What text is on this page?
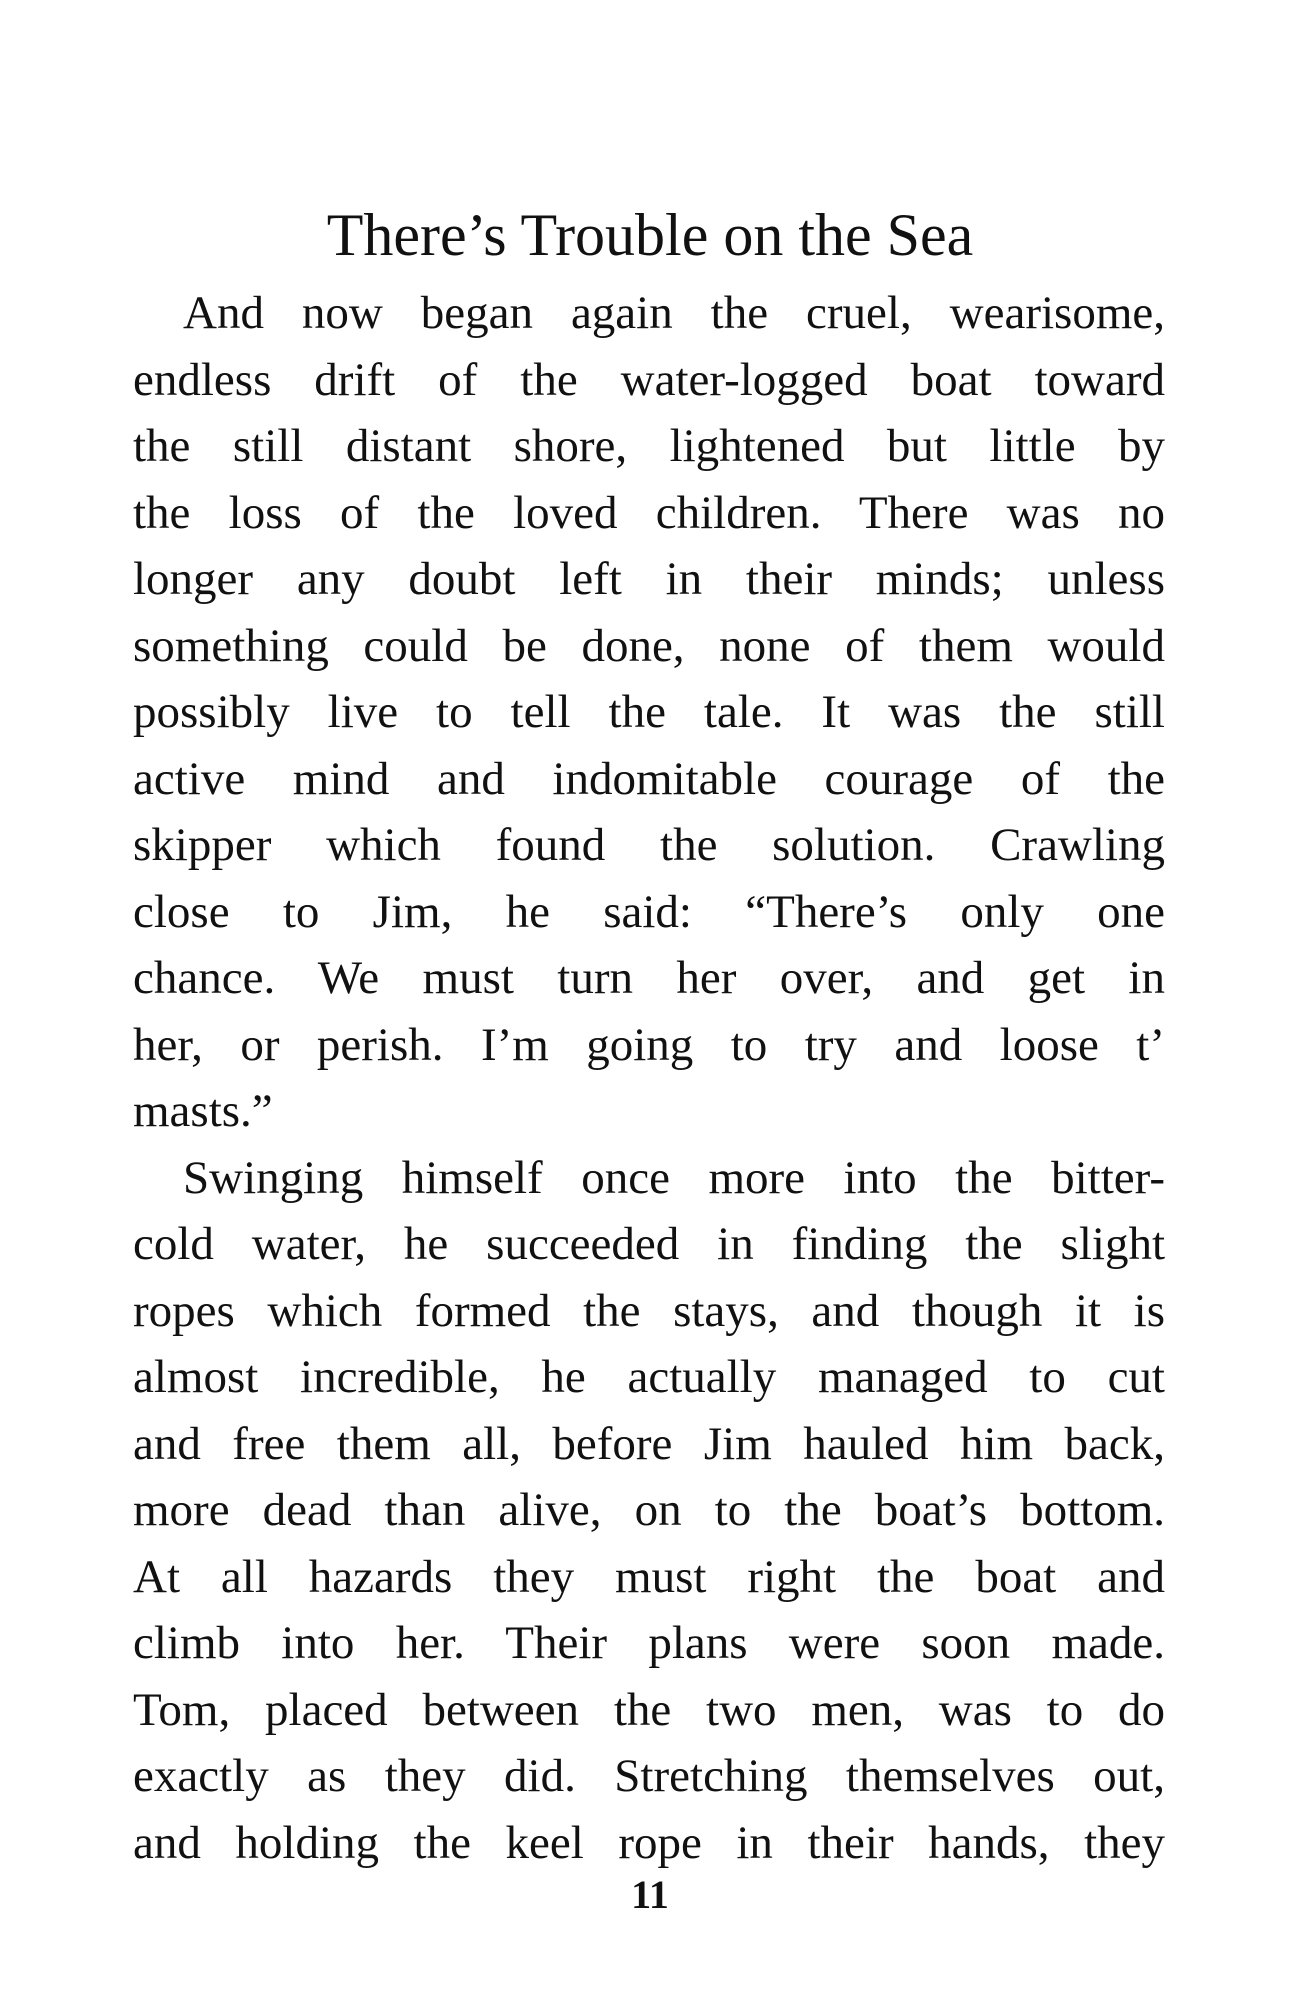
There’s Trouble on the Sea
And now began again the cruel, wearisome,
endless drift of the water-logged boat toward
the still distant shore, lightened but little by
the loss of the loved children. There was no
longer any doubt left in their minds; unless
something could be done, none of them would
possibly live to tell the tale. It was the still
active mind and indomitable courage of the
skipper which found the solution. Crawling
close to Jim, he said: “There’s only one
chance. We must turn her over, and get in
her, or perish. I’m going to try and loose t’
masts.”
Swinging himself once more into the bitter-
cold water, he succeeded in finding the slight
ropes which formed the stays, and though it is
almost incredible, he actually managed to cut
and free them all, before Jim hauled him back,
more dead than alive, on to the boat’s bottom.
At all hazards they must right the boat and
climb into her. Their plans were soon made.
Tom, placed between the two men, was to do
exactly as they did. Stretching themselves out,
and holding the keel rope in their hands, they
11
